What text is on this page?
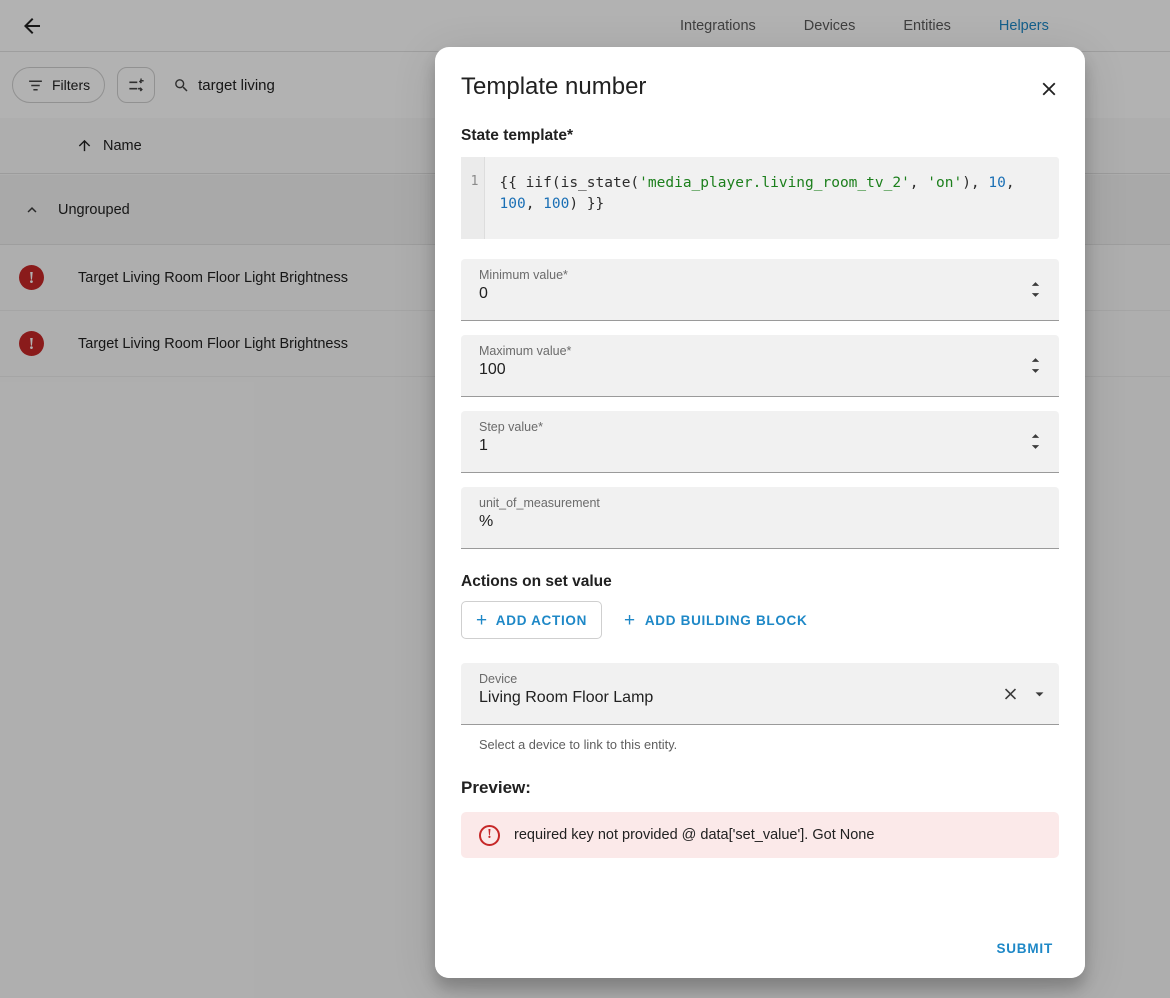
Integrations	Devices	Entities	Helpers
Filters
target living
Name
Ungrouped
!	Target Living Room Floor Light Brightness
!	Target Living Room Floor Light Brightness
Template number
State template*
1	{{ iif(is_state('media_player.living_room_tv_2', 'on'), 10, 100, 100) }}
Minimum value*
0
Maximum value*
100
Step value*
1
unit_of_measurement
%
Actions on set value
+ ADD ACTION + ADD BUILDING BLOCK
Device
Living Room Floor Lamp
Select a device to link to this entity.
Preview:
!	required key not provided @ data['set_value']. Got None
SUBMIT
